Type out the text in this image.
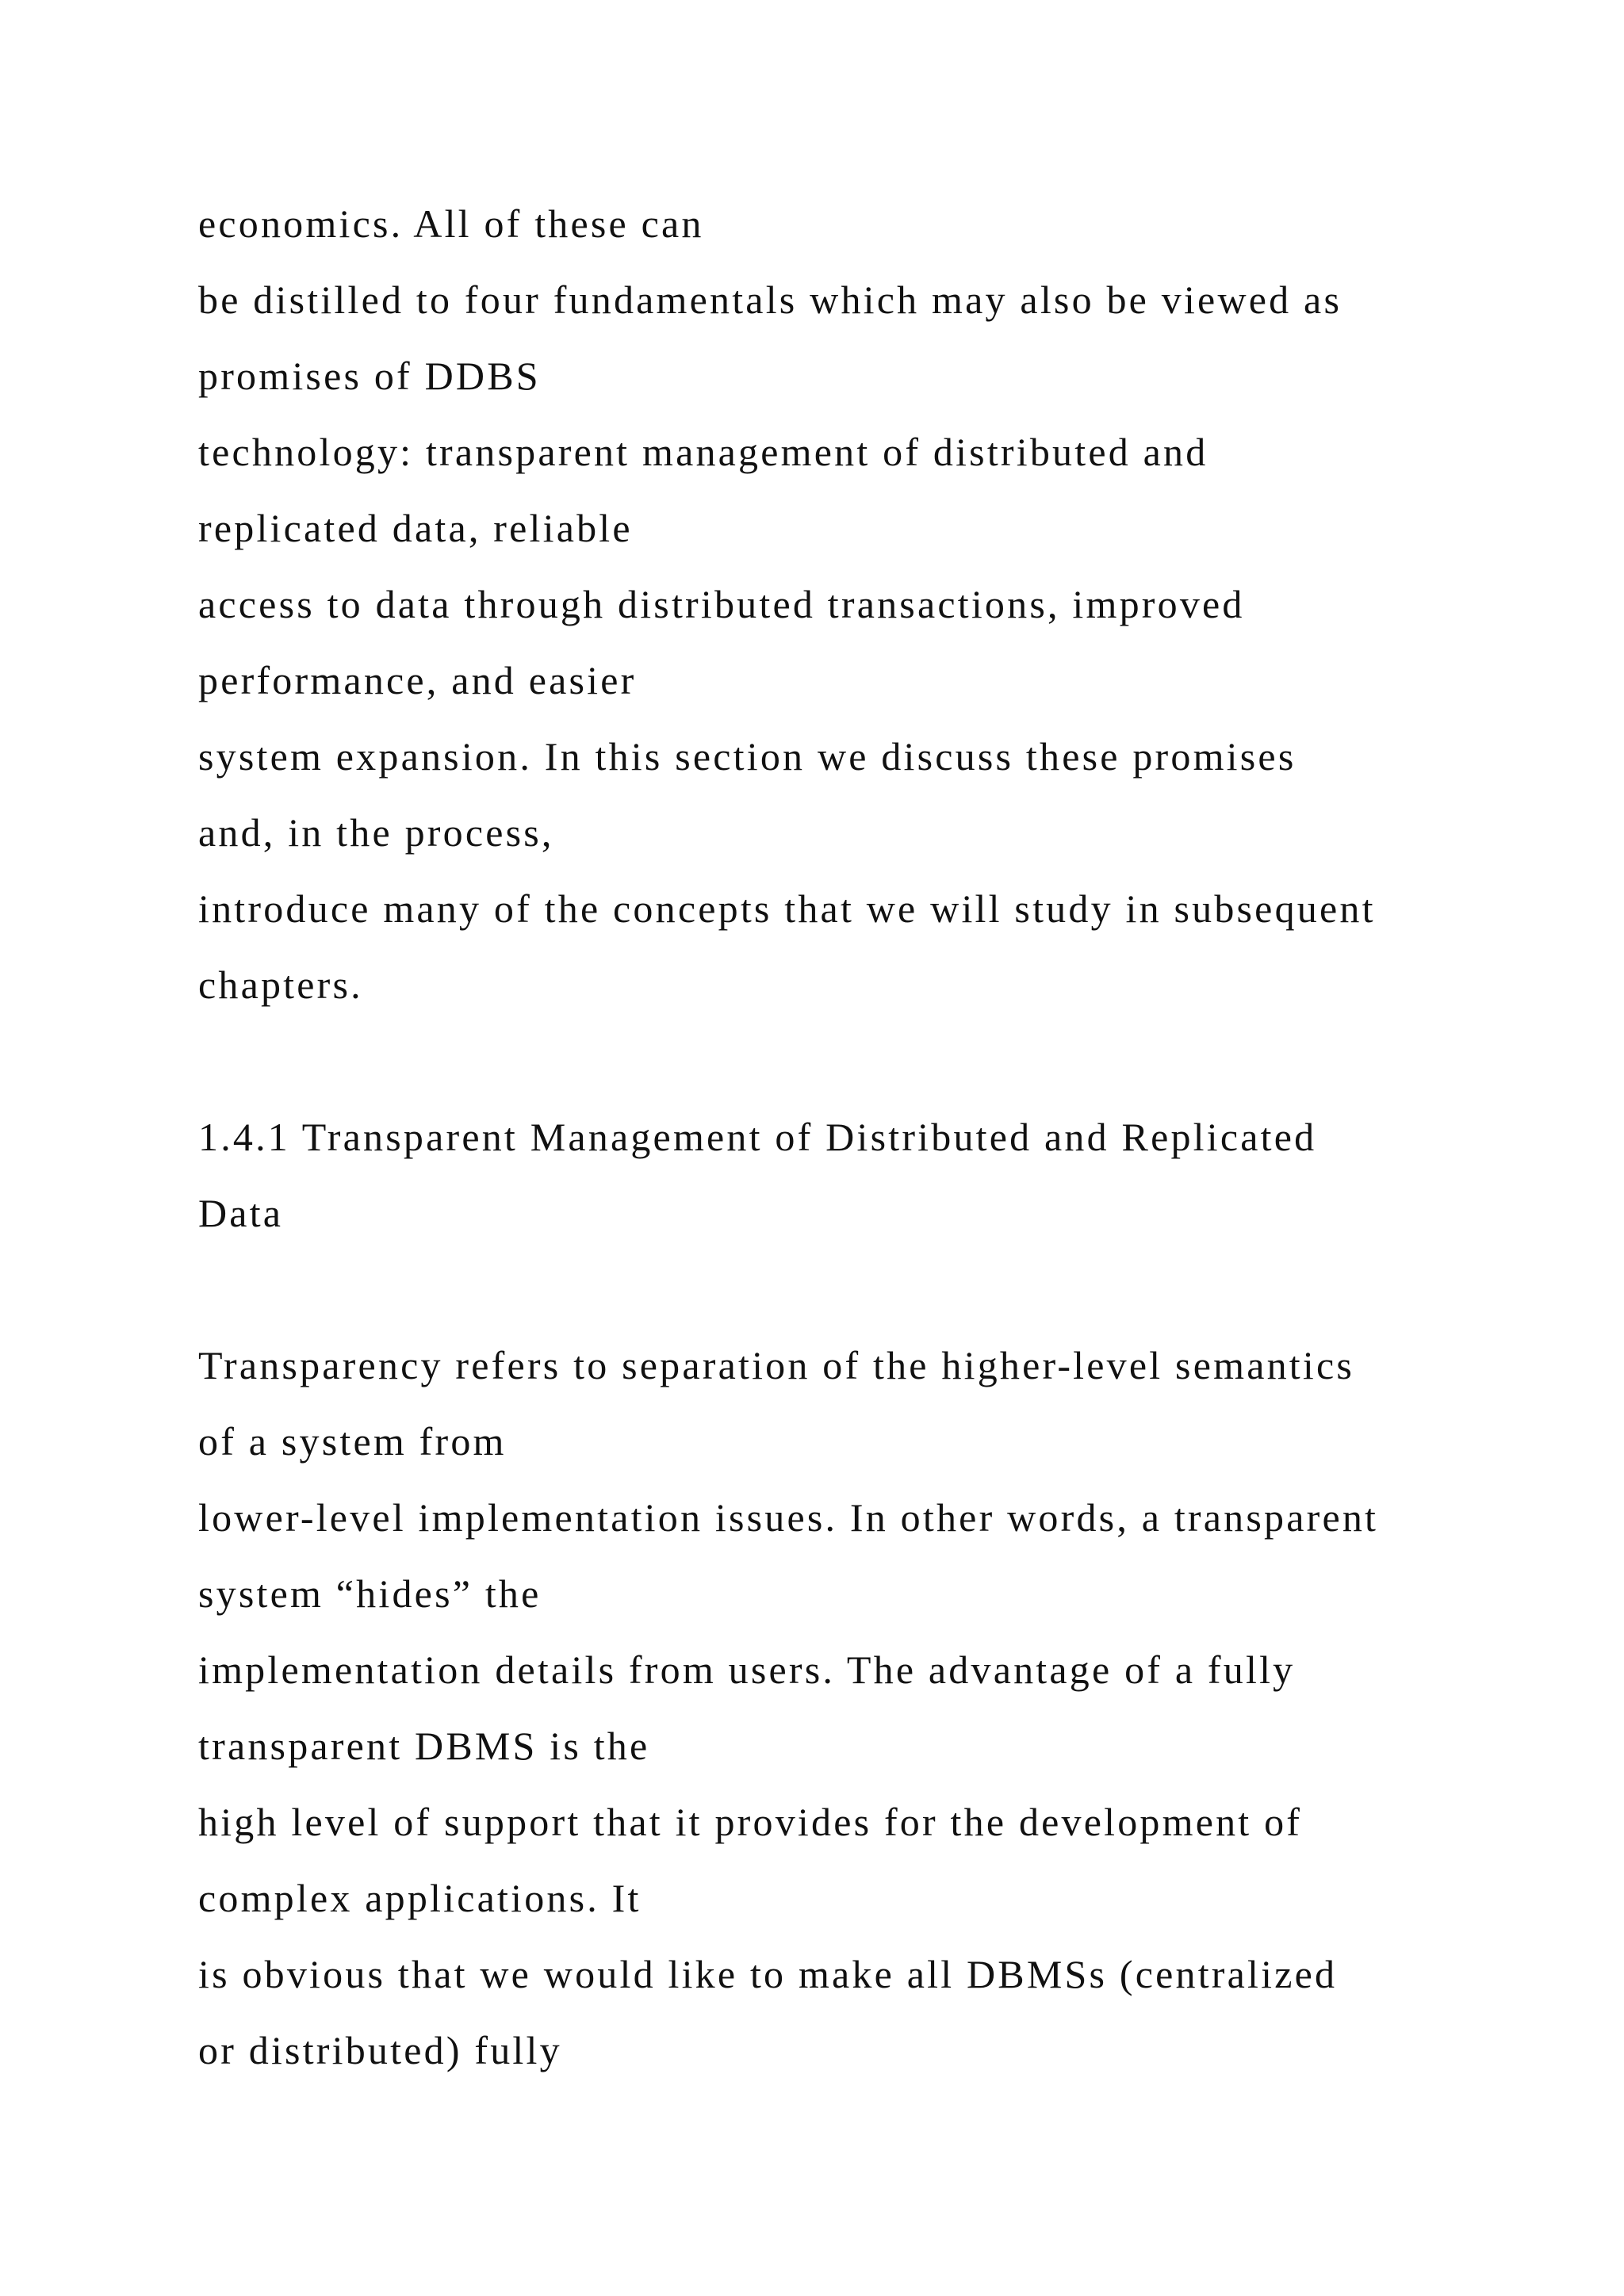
economics. All of these can

be distilled to four fundamentals which may also be viewed as

promises of DDBS

technology: transparent management of distributed and

replicated data, reliable

access to data through distributed transactions, improved

performance, and easier

system expansion. In this section we discuss these promises

and, in the process,

introduce many of the concepts that we will study in subsequent

chapters.

1.4.1 Transparent Management of Distributed and Replicated

Data

Transparency refers to separation of the higher-level semantics

of a system from

lower-level implementation issues. In other words, a transparent

system “hides” the

implementation details from users. The advantage of a fully

transparent DBMS is the

high level of support that it provides for the development of

complex applications. It

is obvious that we would like to make all DBMSs (centralized

or distributed) fully
